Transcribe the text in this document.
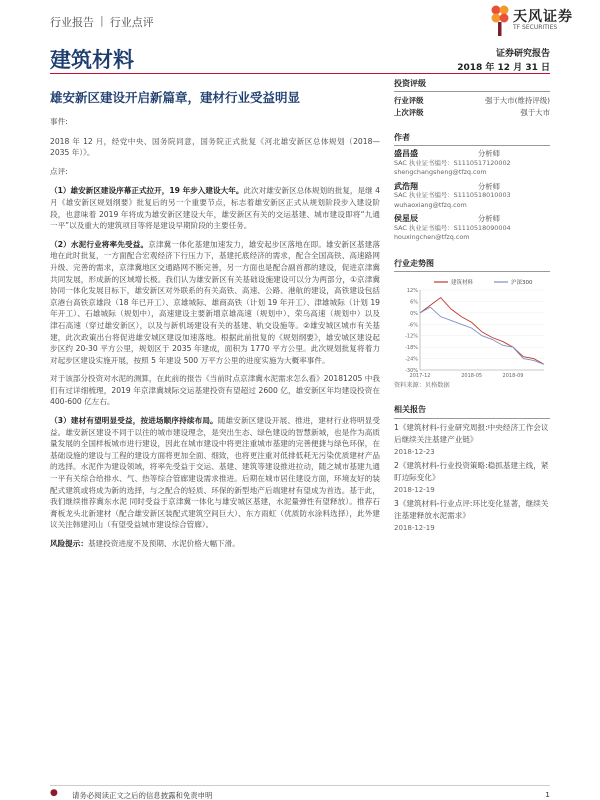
行业报告 | 行业点评	天风证券
TF SECURITIES
建筑材料	证券研究报告
2018 年 12 月 31 日
雄安新区建设开启新篇章，建材行业受益明显

事件:

2018 年 12 月，经党中央、国务院同意，国务院正式批复《河北雄安新区总体规划（2018—2035 年）》。

点评:

（1）雄安新区建设序幕正式拉开，19 年步入建设大年。此次对雄安新区总体规划的批复，是继 4 月《雄安新区规划纲要》批复后的另一个重要节点，标志着雄安新区正式从规划阶段步入建设阶段，也意味着 2019 年将成为雄安新区建设大年，雄安新区有关的交运基建、城市建设即将“九通一平”以及重大的建筑项目等将是建设早期阶段的主要任务。

（2）水泥行业将率先受益。京津冀一体化基建加速发力，雄安起步区落地在即。雄安新区基建落地在此时批复，一方面配合宏观经济下行压力下，基建托底经济的需求，配合全国高铁、高速路网升级、完善的需求，京津冀地区交通路网不断完善，另一方面也是配合副首都的建设，促进京津冀共同发展，形成新的区域增长极。我们认为雄安新区有关基础设施建设可以分为两部分，①京津冀协同一体化发展目标下，雄安新区对外联系的有关高铁、高速、公路、港航的建设，高铁建设包括京港台高铁京雄段（18 年已开工）、京雄城际、雄商高铁（计划 19 年开工）、津雄城际（计划 19 年开工）、石雄城际（规划中），高速建设主要新增京雄高速（规划中）、荣乌高速（规划中）以及津石高速（穿过雄安新区），以及与新机场建设有关的基建、轨交设施等。②雄安城区城市有关基建，此次政策出台将促进雄安城区建设加速落地。根据此前批复的《规划纲要》，雄安城区建设起步区约 20-30 平方公里，规划区于 2035 年建成，面积为 1770 平方公里。此次规划批复将着力对起步区建设实施开展，按照 5 年建设 500 万平方公里的进度实施为大概率事件。

对于该部分投资对水泥的测算，在此前的报告《当前时点京津冀水泥需求怎么看》20181205 中我们有过详细梳理，2019 年京津冀城际交运基建投资有望超过 2600 亿，雄安新区年均建设投资在 400-600 亿左右。

（3）建材有望明显受益，按进场顺序持续布局。随雄安新区建设开展、推进，建材行业将明显受益。雄安新区建设不同于以往的城市建设理念，是突出生态、绿色建设的智慧新城，也是作为高质量发展的全国样板城市进行建设，因此在城市建设中将更注重城市基建的完善便捷与绿色环保，在基础设施的建设与工程的建设方面将更加全面、细致，也将更注重对低排低耗无污染优质建材产品的选择。水泥作为建设领域，将率先受益于交运、基建、建筑等建设推进拉动，随之城市基建九通一平有关综合给排水、气、热等综合管廊建设需求推进。后期在城市居住建设方面，环境友好的装配式建筑或将成为新的选择，与之配合的轻质、环保的新型地产后端建材有望成为首选。基于此，我们继续推荐冀东水泥 同时受益于京津冀一体化与雄安城区基建，水泥量弹性有望释放）。推荐石膏板龙头北新建材（配合雄安新区装配式建筑空间巨大）、东方雨虹（优质防水涂料选择），此外建议关注韩建河山（有望受益城市建设综合管廊）。

风险提示：基建投资进度不及预期、水泥价格大幅下滑。

投资评级
行业评级	强于大市(维持评级)
上次评级	强于大市
作者
盛昌盛	分析师
SAC 执业证书编号：S1110517120002
shengchangsheng@tfzq.com
武浩翔	分析师
SAC 执业证书编号：S1110518010003
wuhaoxiang@tfzq.com
侯星辰	分析师
SAC 执业证书编号：S1110518090004
houxingchen@tfzq.com
行业走势图
12%
6%
0%
-6%
-12%
-18%
-24%
-30%
2017-12	2018-05	2018-09
建筑材料	沪深300
资料来源：贝格数据
相关报告
1《建筑材料-行业研究周报:中央经济工作会议后继续关注基建产业链》
2018-12-23
2《建筑材料-行业投资策略:稳抓基建主线，紧盯边际变化》
2018-12-19
3《建筑材料-行业点评:环比变化显著，继续关注基建释放水泥需求》
2018-12-19
● 请务必阅读正文之后的信息披露和免责申明	1
